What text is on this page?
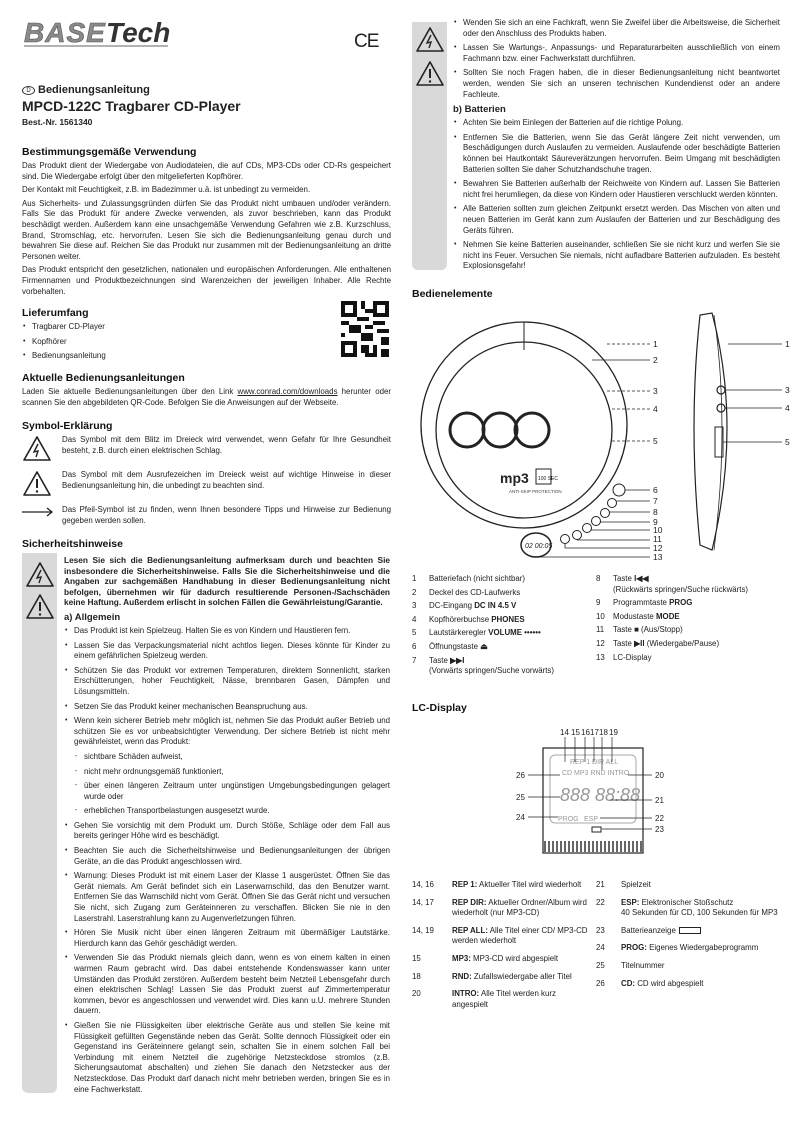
BASE Tech	CE
D Bedienungsanleitung
MPCD-122C Tragbarer CD-Player
Best.-Nr. 1561340
Bestimmungsgemäße Verwendung

Das Produkt dient der Wiedergabe von Audiodateien, die auf CDs, MP3-CDs oder CD-Rs gespeichert sind. Die Wiedergabe erfolgt über den mitgelieferten Kopfhörer.

Der Kontakt mit Feuchtigkeit, z.B. im Badezimmer u.ä. ist unbedingt zu vermeiden.

Aus Sicherheits- und Zulassungsgründen dürfen Sie das Produkt nicht umbauen und/oder verändern. Falls Sie das Produkt für andere Zwecke verwenden, als zuvor beschrieben, kann das Produkt beschädigt werden. Außerdem kann eine unsachgemäße Verwendung Gefahren wie z.B. Kurzschluss, Brand, Stromschlag, etc. hervorrufen. Lesen Sie sich die Bedienungsanleitung genau durch und bewahren Sie diese auf. Reichen Sie das Produkt nur zusammen mit der Bedienungsanleitung an dritte Personen weiter.

Das Produkt entspricht den gesetzlichen, nationalen und europäischen Anforderungen. Alle enthaltenen Firmennamen und Produktbezeichnungen sind Warenzeichen der jeweiligen Inhaber. Alle Rechte vorbehalten.

Lieferumfang
• Tragbarer CD-Player
• Kopfhörer
• Bedienungsanleitung
Aktuelle Bedienungsanleitungen

Laden Sie aktuelle Bedienungsanleitungen über den Link www.conrad.com/downloads herunter oder scannen Sie den abgebildeten QR-Code. Befolgen Sie die Anweisungen auf der Webseite.

Symbol-Erklärung

Das Symbol mit dem Blitz im Dreieck wird verwendet, wenn Gefahr für Ihre Gesundheit besteht, z.B. durch einen elektrischen Schlag.

Das Symbol mit dem Ausrufezeichen im Dreieck weist auf wichtige Hinweise in dieser Bedienungsanleitung hin, die unbedingt zu beachten sind.

Das Pfeil-Symbol ist zu finden, wenn Ihnen besondere Tipps und Hinweise zur Bedienung gegeben werden sollen.

Sicherheitshinweise

Lesen Sie sich die Bedienungsanleitung aufmerksam durch und beachten Sie insbesondere die Sicherheitshinweise. Falls Sie die Sicherheitshinweise und die Angaben zur sachgemäßen Handhabung in dieser Bedienungsanleitung nicht befolgen, übernehmen wir für dadurch resultierende Personen-/Sachschäden keine Haftung. Außerdem erlischt in solchen Fällen die Gewährleistung/Garantie.

a) Allgemein
• Das Produkt ist kein Spielzeug. Halten Sie es von Kindern und Haustieren fern.
• Lassen Sie das Verpackungsmaterial nicht achtlos liegen. Dieses könnte für Kinder zu einem gefährlichen Spielzeug werden.
• Schützen Sie das Produkt vor extremen Temperaturen, direktem Sonnenlicht, starken Erschütterungen, hoher Feuchtigkeit, Nässe, brennbaren Gasen, Dämpfen und Lösungsmitteln.
• Setzen Sie das Produkt keiner mechanischen Beanspruchung aus.
• Wenn kein sicherer Betrieb mehr möglich ist, nehmen Sie das Produkt außer Betrieb und schützen Sie es vor unbeabsichtigter Verwendung. Der sichere Betrieb ist nicht mehr gewährleistet, wenn das Produkt:
- sichtbare Schäden aufweist,
- nicht mehr ordnungsgemäß funktioniert,
- über einen längeren Zeitraum unter ungünstigen Umgebungsbedingungen gelagert wurde oder
- erheblichen Transportbelastungen ausgesetzt wurde.
• Gehen Sie vorsichtig mit dem Produkt um. Durch Stöße, Schläge oder dem Fall aus bereits geringer Höhe wird es beschädigt.
• Beachten Sie auch die Sicherheitshinweise und Bedienungsanleitungen der übrigen Geräte, an die das Produkt angeschlossen wird.
• Warnung: Dieses Produkt ist mit einem Laser der Klasse 1 ausgerüstet. Öffnen Sie das Gerät niemals. Am Gerät befindet sich ein Laserwarnschild, das den Benutzer warnt. Entfernen Sie das Warnschild nicht vom Gerät. Öffnen Sie das Gerät nicht und versuchen Sie nicht, sich Zugang zum Geräteinneren zu verschaffen. Blicken Sie nie in den Laserstrahl. Laserstrahlung kann zu Augenverletzungen führen.
• Hören Sie Musik nicht über einen längeren Zeitraum mit übermäßiger Lautstärke. Hierdurch kann das Gehör geschädigt werden.
• Verwenden Sie das Produkt niemals gleich dann, wenn es von einem kalten in einen warmen Raum gebracht wird. Das dabei entstehende Kondenswasser kann unter Umständen das Produkt zerstören. Außerdem besteht beim Netzteil Lebensgefahr durch einen elektrischen Schlag! Lassen Sie das Produkt zuerst auf Zimmertemperatur kommen, bevor es angeschlossen und verwendet wird. Dies kann u.U. mehrere Stunden dauern.
• Gießen Sie nie Flüssigkeiten über elektrische Geräte aus und stellen Sie keine mit Flüssigkeit gefüllten Gegenstände neben das Gerät. Sollte dennoch Flüssigkeit oder ein Gegenstand ins Geräteinnere gelangt sein, schalten Sie in einem solchen Fall bei Verbindung mit einem Netzteil die zugehörige Netzsteckdose stromlos (z.B. Sicherungsautomat abschalten) und ziehen Sie danach den Netzstecker aus der Netzsteckdose. Das Produkt darf danach nicht mehr betrieben werden, bringen Sie es in eine Fachwerkstatt.
• Wenden Sie sich an eine Fachkraft, wenn Sie Zweifel über die Arbeitsweise, die Sicherheit oder den Anschluss des Produkts haben.
• Lassen Sie Wartungs-, Anpassungs- und Reparaturarbeiten ausschließlich von einem Fachmann bzw. einer Fachwerkstatt durchführen.
• Sollten Sie noch Fragen haben, die in dieser Bedienungsanleitung nicht beantwortet werden, wenden Sie sich an unseren technischen Kundendienst oder an andere Fachleute.
b) Batterien
• Achten Sie beim Einlegen der Batterien auf die richtige Polung.
• Entfernen Sie die Batterien, wenn Sie das Gerät längere Zeit nicht verwenden, um Beschädigungen durch Auslaufen zu vermeiden. Auslaufende oder beschädigte Batterien können bei Hautkontakt Säureverätzungen hervorrufen. Beim Umgang mit beschädigten Batterien sollten Sie daher Schutzhandschuhe tragen.
• Bewahren Sie Batterien außerhalb der Reichweite von Kindern auf. Lassen Sie Batterien nicht frei herumliegen, da diese von Kindern oder Haustieren verschluckt werden könnten.
• Alle Batterien sollten zum gleichen Zeitpunkt ersetzt werden. Das Mischen von alten und neuen Batterien im Gerät kann zum Auslaufen der Batterien und zur Beschädigung des Geräts führen.
• Nehmen Sie keine Batterien auseinander, schließen Sie sie nicht kurz und werfen Sie sie nicht ins Feuer. Versuchen Sie niemals, nicht aufladbare Batterien aufzuladen. Es besteht Explosionsgefahr!
Bedienelemente
mp3 100 SEC
ANTI-SKIP PROTECTION
02 00:05
1
2
3
4
5
6
7
8
9
10
11
12
13
1
3
4
5
1	Batteriefach (nicht sichtbar)
2	Deckel des CD-Laufwerks
3	DC-Eingang DC IN 4.5 V
4	Kopfhörerbuchse PHONES
5	Lautstärkeregler VOLUME ••••••
6	Öffnungstaste ⏏
7	Taste ▶▶I
(Vorwärts springen/Suche vorwärts)
8	Taste I◀◀
(Rückwärts springen/Suche rückwärts)
9	Programmtaste PROG
10	Modustaste MODE
11	Taste ■ (Aus/Stopp)
12	Taste ▶II (Wiedergabe/Pause)
13	LC-Display
LC-Display
REP 1 DIR ALL
CD MP3 RND INTRO
888 88:88
PROG ESP
14 15 16 17 18 19
26
25
24
20
21
22
23
14, 16	REP 1: Aktueller Titel wird wiederholt
14, 17	REP DIR: Aktueller Ordner/Album wird wiederholt (nur MP3-CD)
14, 19	REP ALL: Alle Titel einer CD/ MP3-CD werden wiederholt
15	MP3: MP3-CD wird abgespielt
18	RND: Zufallswiedergabe aller Titel
20	INTRO: Alle Titel werden kurz angespielt
21	Spielzeit
22	ESP: Elektronischer Stoßschutz
40 Sekunden für CD, 100 Sekunden für MP3
23	Batterieanzeige
24	PROG: Eigenes Wiedergabeprogramm
25	Titelnummer
26	CD: CD wird abgespielt
